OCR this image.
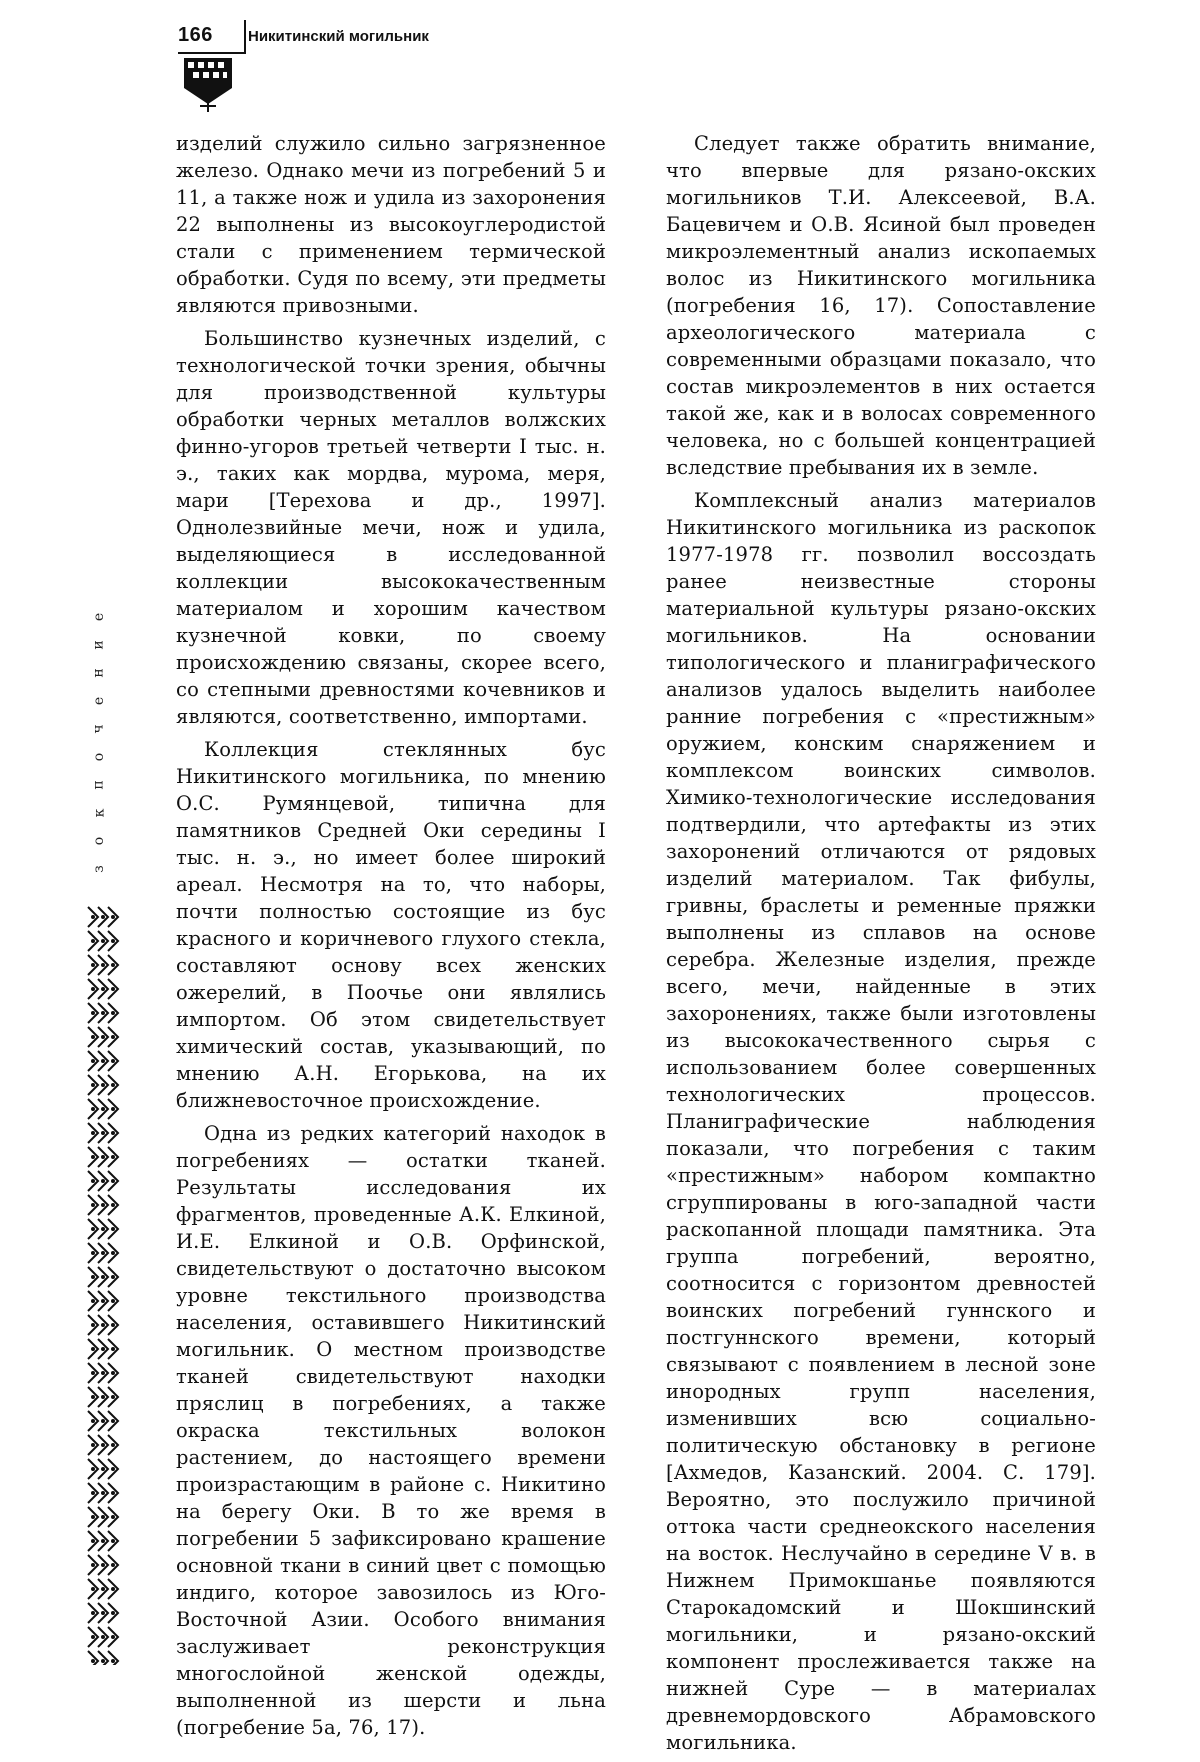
166 Никитинский могильник
е
и
н
е
ч
о
п
к
о
з

изделий служило сильно загрязненное железо. Однако мечи из погребений 5 и 11, а также нож и удила из захоронения 22 выполнены из высокоуглеродистой стали с применением термической обработки. Судя по всему, эти предметы являются привозными.

Большинство кузнечных изделий, с технологической точки зрения, обычны для производственной культуры обработки черных металлов волжских финно-угоров третьей четверти I тыс. н. э., таких как мордва, мурома, меря, мари [Терехова и др., 1997]. Однолезвийные мечи, нож и удила, выделяющиеся в исследованной коллекции высококачественным материалом и хорошим качеством кузнечной ковки, по своему происхождению связаны, скорее всего, со степными древностями кочевников и являются, соответственно, импортами.

Коллекция стеклянных бус Никитинского могильника, по мнению О.С. Румянцевой, типична для памятников Средней Оки середины I тыс. н. э., но имеет более широкий ареал. Несмотря на то, что наборы, почти полностью состоящие из бус красного и коричневого глухого стекла, составляют основу всех женских ожерелий, в Поочье они являлись импортом. Об этом свидетельствует химический состав, указывающий, по мнению А.Н. Егорькова, на их ближневосточное происхождение.

Одна из редких категорий находок в погребениях — остатки тканей. Результаты исследования их фрагментов, проведенные А.К. Елкиной, И.Е. Елкиной и О.В. Орфинской, свидетельствуют о достаточно высоком уровне текстильного производства населения, оставившего Никитинский могильник. О местном производстве тканей свидетельствуют находки пряслиц в погребениях, а также окраска текстильных волокон растением, до настоящего времени произрастающим в районе с. Никитино на берегу Оки. В то же время в погребении 5 зафиксировано крашение основной ткани в синий цвет с помощью индиго, которое завозилось из Юго-Восточной Азии. Особого внимания заслуживает реконструкция многослойной женской одежды, выполненной из шерсти и льна (погребение 5а, 76, 17).

Следует также обратить внимание, что впервые для рязано-окских могильников Т.И. Алексеевой, В.А. Бацевичем и О.В. Ясиной был проведен микроэлементный анализ ископаемых волос из Никитинского могильника (погребения 16, 17). Сопоставление археологического материала с современными образцами показало, что состав микроэлементов в них остается такой же, как и в волосах современного человека, но с большей концентрацией вследствие пребывания их в земле.

Комплексный анализ материалов Никитинского могильника из раскопок 1977-1978 гг. позволил воссоздать ранее неизвестные стороны материальной культуры рязано-окских могильников. На основании типологического и планиграфического анализов удалось выделить наиболее ранние погребения с «престижным» оружием, конским снаряжением и комплексом воинских символов. Химико-технологические исследования подтвердили, что артефакты из этих захоронений отличаются от рядовых изделий материалом. Так фибулы, гривны, браслеты и ременные пряжки выполнены из сплавов на основе серебра. Железные изделия, прежде всего, мечи, найденные в этих захоронениях, также были изготовлены из высококачественного сырья с использованием более совершенных технологических процессов. Планиграфические наблюдения показали, что погребения с таким «престижным» набором компактно сгруппированы в юго-западной части раскопанной площади памятника. Эта группа погребений, вероятно, соотносится с горизонтом древностей воинских погребений гуннского и постгуннского времени, который связывают с появлением в лесной зоне инородных групп населения, изменивших всю социально-политическую обстановку в регионе [Ахмедов, Казанский. 2004. С. 179]. Вероятно, это послужило причиной оттока части среднеокского населения на восток. Неслучайно в середине V в. в Нижнем Примокшанье появляются Старокадомский и Шокшинский могильники, и рязано-окский компонент прослеживается также на нижней Суре — в материалах древнемордовского Абрамовского могильника.
